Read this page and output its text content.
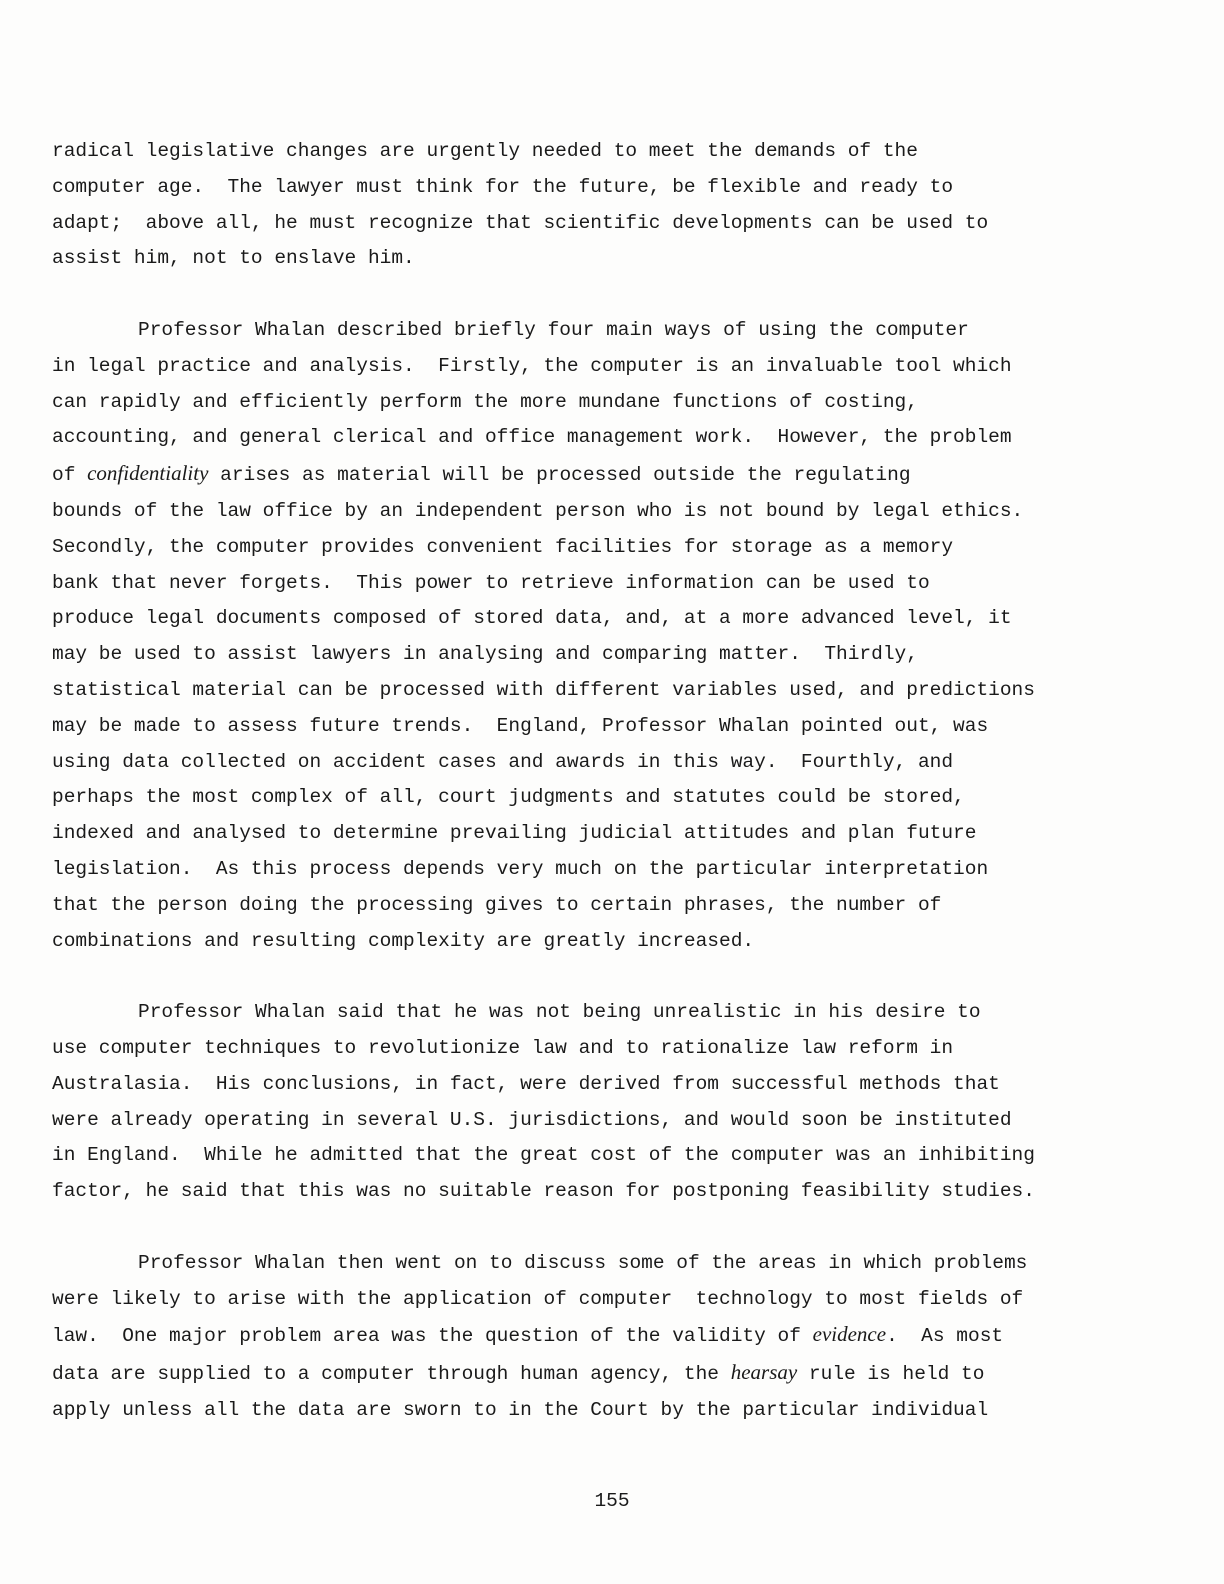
radical legislative changes are urgently needed to meet the demands of the
computer age.  The lawyer must think for the future, be flexible and ready to
adapt;  above all, he must recognize that scientific developments can be used to
assist him, not to enslave him.
Professor Whalan described briefly four main ways of using the computer
in legal practice and analysis.  Firstly, the computer is an invaluable tool which
can rapidly and efficiently perform the more mundane functions of costing,
accounting, and general clerical and office management work.  However, the problem
of confidentiality arises as material will be processed outside the regulating
bounds of the law office by an independent person who is not bound by legal ethics.
Secondly, the computer provides convenient facilities for storage as a memory
bank that never forgets.  This power to retrieve information can be used to
produce legal documents composed of stored data, and, at a more advanced level, it
may be used to assist lawyers in analysing and comparing matter.  Thirdly,
statistical material can be processed with different variables used, and predictions
may be made to assess future trends.  England, Professor Whalan pointed out, was
using data collected on accident cases and awards in this way.  Fourthly, and
perhaps the most complex of all, court judgments and statutes could be stored,
indexed and analysed to determine prevailing judicial attitudes and plan future
legislation.  As this process depends very much on the particular interpretation
that the person doing the processing gives to certain phrases, the number of
combinations and resulting complexity are greatly increased.
Professor Whalan said that he was not being unrealistic in his desire to
use computer techniques to revolutionize law and to rationalize law reform in
Australasia.  His conclusions, in fact, were derived from successful methods that
were already operating in several U.S. jurisdictions, and would soon be instituted
in England.  While he admitted that the great cost of the computer was an inhibiting
factor, he said that this was no suitable reason for postponing feasibility studies.
Professor Whalan then went on to discuss some of the areas in which problems
were likely to arise with the application of computer  technology to most fields of
law.  One major problem area was the question of the validity of evidence.  As most
data are supplied to a computer through human agency, the hearsay rule is held to
apply unless all the data are sworn to in the Court by the particular individual
155
